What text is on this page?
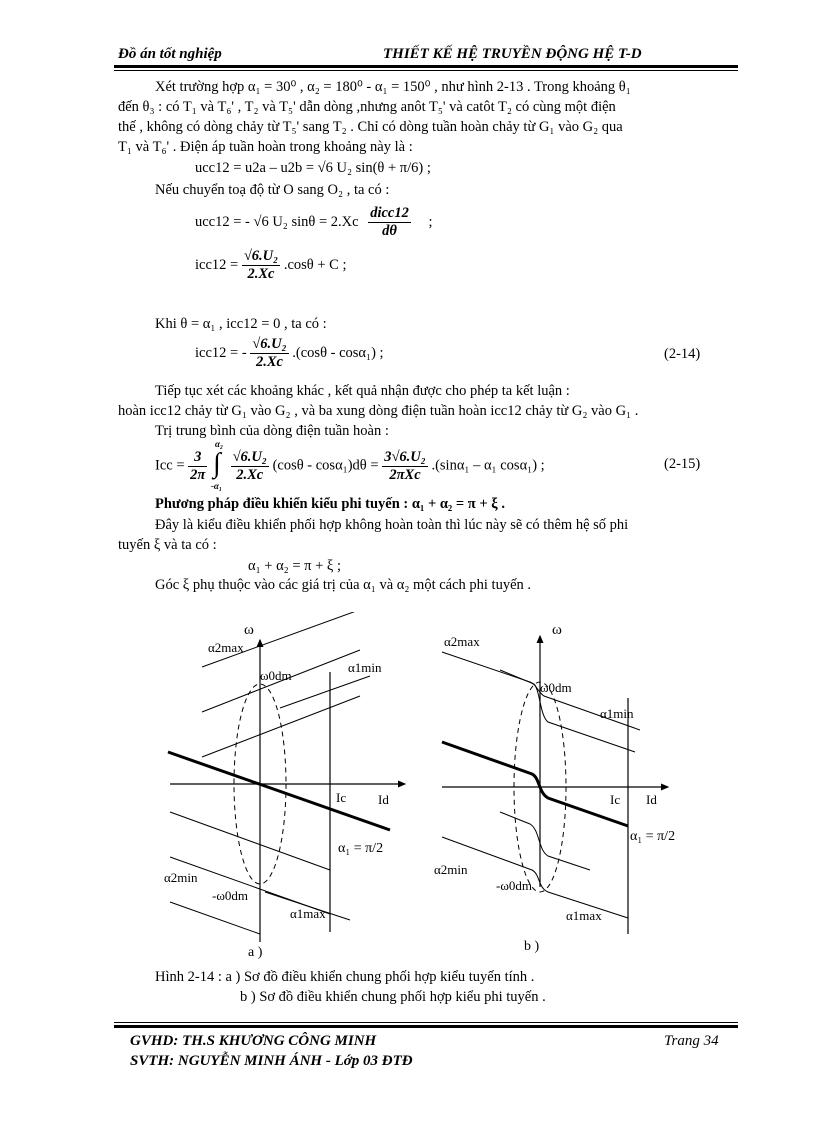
Đồ án tốt nghiệp	THIẾT KẾ HỆ TRUYỀN ĐỘNG HỆ T-D
Xét trường hợp α₁ = 30⁰ , α₂ = 180⁰ - α₁ = 150⁰ , như hình 2-13 . Trong khoảng θ₁
đến θ₃ : có T₁ và T₆' , T₂ và T₅' dẫn dòng ,nhưng anôt T₅' và catôt T₂ có cùng một điện
thế , không có dòng chảy từ T₅' sang T₂ . Chỉ có dòng tuần hoàn chảy từ G₁ vào G₂ qua
T₁ và T₆' . Điện áp tuần hoàn trong khoảng này là :
ucc12 = u2a – u2b = √6 U₂ sin(θ + π/6) ;
Nếu chuyển toạ độ từ O sang O₂ , ta có :
ucc12 = - √6 U₂ $\sin\theta = 2.Xc \frac{\text{dicc12}}{d\theta}$ ;
$icc12 = \frac{\text{√6.U₂}}{2.Xc} .\cos\theta + C$ ;
Khi θ = α₁ , icc12 = 0 , ta có :
icc12 = - $\frac{\text{√6.U₂}}{2.Xc} .(\cos\theta - \cos\alpha_1)$ ;	(2-14)
Tiếp tục xét các khoảng khác , kết quả nhận được cho phép ta kết luận :
hoàn icc12 chảy từ G₁ vào G₂ , và ba xung dòng điện tuần hoàn icc12 chảy từ G₂ vào G₁ .
Trị trung bình của dòng điện tuần hoàn :
Icc = $\frac{3}{2\pi}$

α₂
∫
-α₁

$\frac{\text{√6.U₂}}{2.Xc} (\cos\theta - \cos\alpha_1)d\theta = \frac{\text{3√6.U₂}}{\text{2πXc}} .(\sin\alpha_1 - \alpha_1$ cosα₁) ;	(2-15)
Phương pháp điều khiển kiểu phi tuyến : α₁ + α₂ = π + ξ .
Đây là kiểu điều khiển phối hợp không hoàn toàn thì lúc này sẽ có thêm hệ số phi
tuyến ξ và ta có :
α₁ + α₂ = π + ξ ;
Góc ξ phụ thuộc vào các giá trị của α₁ và α₂ một cách phi tuyến .
ω
α2max
ω0dm
α1min
Ic Id
α₁ = π/2
α2min
-ω0dm
α1max
a )
ω
α2max
ω0dm
α1min
Ic Id
α₁ = π/2
α2min
-ω0dm
α1max
b )
Hình 2-14 : a ) Sơ đồ điều khiển chung phối hợp kiểu tuyến tính .
b ) Sơ đồ điều khiển chung phối hợp kiểu phi tuyến .
GVHD: TH.S KHƯƠNG CÔNG MINH	Trang 34
SVTH: NGUYỄN MINH ÁNH - Lớp 03 ĐTĐ
